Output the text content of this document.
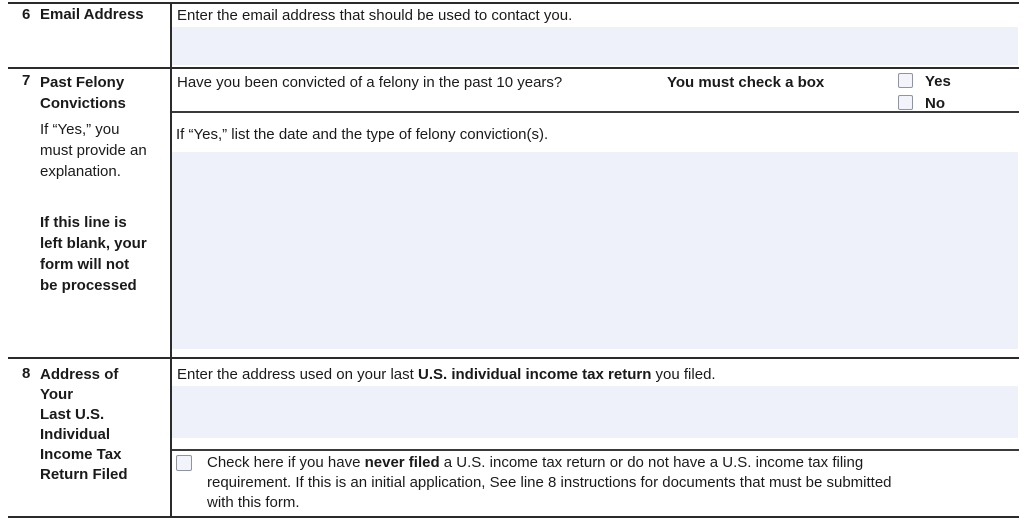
6 Email Address Enter the email address that should be used to contact you.
7 Past Felony
Convictions
If “Yes,” you
must provide an
explanation.
If this line is
left blank, your
form will not
be processed
Have you been convicted of a felony in the past 10 years?	You must check a box	Yes
No
If “Yes,” list the date and the type of felony conviction(s).
8 Address of
Your
Last U.S.
Individual
Income Tax
Return Filed
Enter the address used on your last U.S. individual income tax return you filed.
Check here if you have never filed a U.S. income tax return or do not have a U.S. income tax filing
requirement. If this is an initial application, See line 8 instructions for documents that must be submitted
with this form.
